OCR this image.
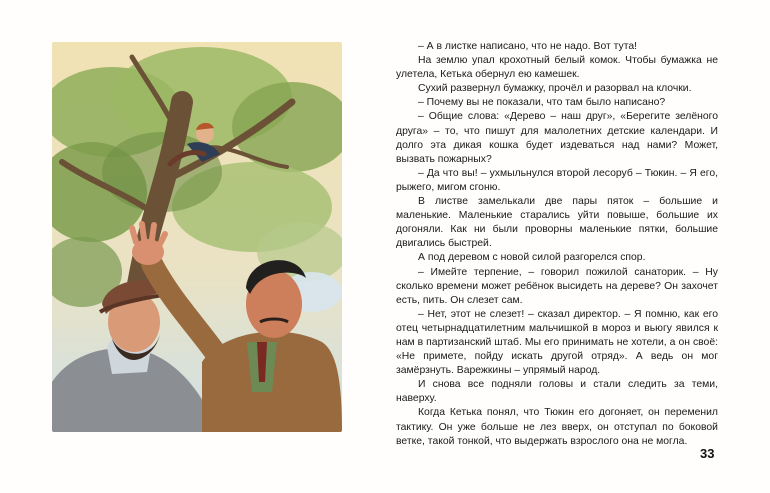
– А в листке написано, что не надо. Вот тута!

На землю упал крохотный белый комок. Чтобы бумажка не улетела, Кетька обернул ею камешек.

Сухий развернул бумажку, прочёл и разорвал на клочки.

– Почему вы не показали, что там было написано?

– Общие слова: «Дерево – наш друг», «Берегите зелёного друга» – то, что пишут для малолетних детские календари. И долго эта дикая кошка будет издеваться над нами? Может, вызвать пожарных?

– Да что вы! – ухмыльнулся второй лесоруб – Тюкин. – Я его, рыжего, мигом сгоню.

В листве замелькали две пары пяток – большие и маленькие. Маленькие старались уйти повыше, большие их догоняли. Как ни были проворны маленькие пятки, большие двигались быстрей.

А под деревом с новой силой разгорелся спор.

– Имейте терпение, – говорил пожилой санаторик. – Ну сколько времени может ребёнок высидеть на дереве? Он захочет есть, пить. Он слезет сам.

– Нет, этот не слезет! – сказал директор. – Я помню, как его отец четырнадцатилетним мальчишкой в мороз и вьюгу явился к нам в партизанский штаб. Мы его принимать не хотели, а он своё: «Не примете, пойду искать другой отряд». А ведь он мог замёрзнуть. Варежкины – упрямый народ.

И снова все подняли головы и стали следить за теми, наверху.

Когда Кетька понял, что Тюкин его догоняет, он переменил тактику. Он уже больше не лез вверх, он отступал по боковой ветке, такой тонкой, что выдержать взрослого она не могла.

33
